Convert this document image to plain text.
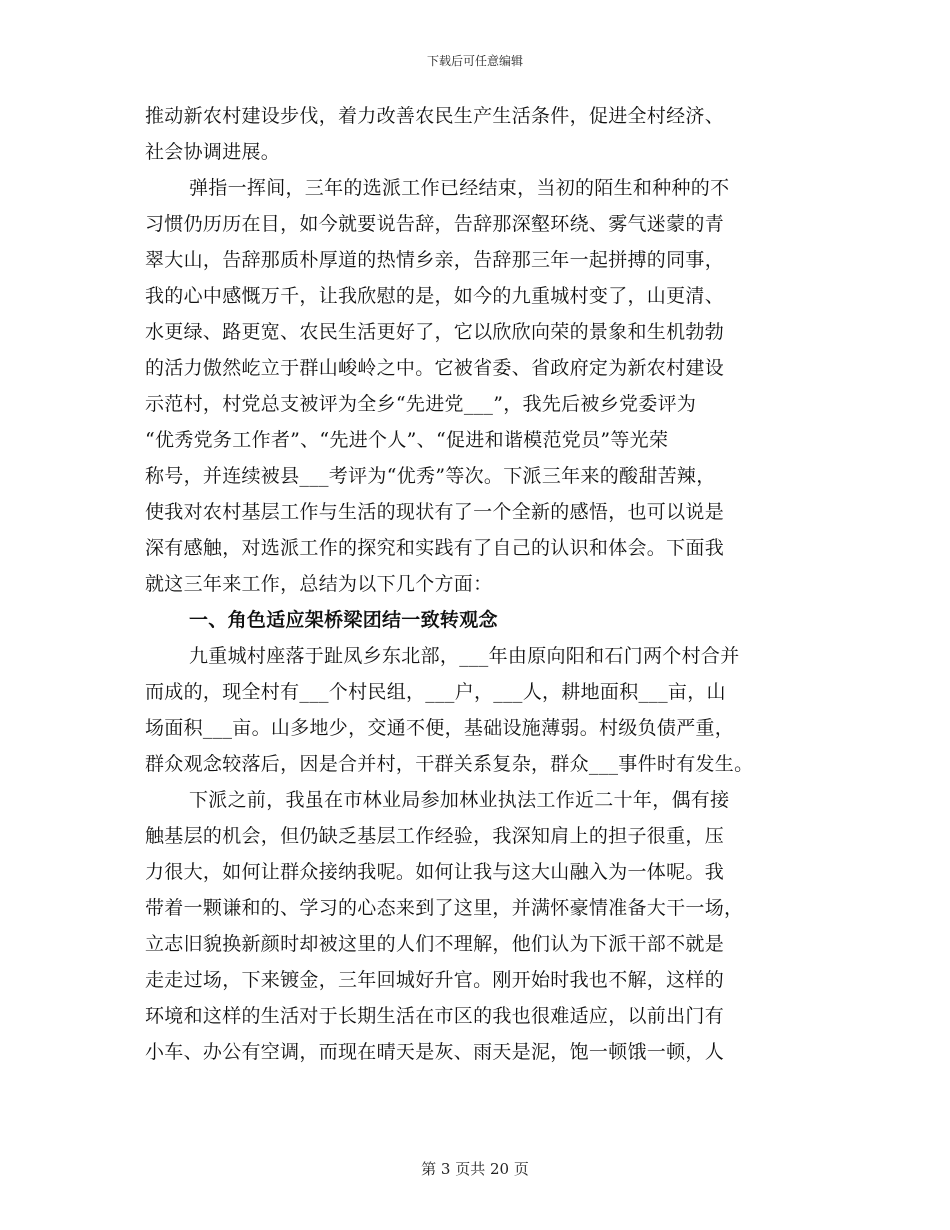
下载后可任意编辑
推动新农村建设步伐，着力改善农民生产生活条件，促进全村经济、
社会协调进展。
弹指一挥间，三年的选派工作已经结束，当初的陌生和种种的不
习惯仍历历在目，如今就要说告辞，告辞那深壑环绕、雾气迷蒙的青
翠大山，告辞那质朴厚道的热情乡亲，告辞那三年一起拼搏的同事，
我的心中感慨万千，让我欣慰的是，如今的九重城村变了，山更清、
水更绿、路更宽、农民生活更好了，它以欣欣向荣的景象和生机勃勃
的活力傲然屹立于群山峻岭之中。它被省委、省政府定为新农村建设
示范村，村党总支被评为全乡“先进党___”，我先后被乡党委评为
“优秀党务工作者”、“先进个人”、“促进和谐模范党员”等光荣
称号，并连续被县___考评为“优秀”等次。下派三年来的酸甜苦辣，
使我对农村基层工作与生活的现状有了一个全新的感悟，也可以说是
深有感触，对选派工作的探究和实践有了自己的认识和体会。下面我
就这三年来工作，总结为以下几个方面：
一、角色适应架桥梁团结一致转观念
九重城村座落于趾凤乡东北部，___年由原向阳和石门两个村合并
而成的，现全村有___个村民组，___户，___人，耕地面积___亩，山
场面积___亩。山多地少，交通不便，基础设施薄弱。村级负债严重，
群众观念较落后，因是合并村，干群关系复杂，群众___事件时有发生。
下派之前，我虽在市林业局参加林业执法工作近二十年，偶有接
触基层的机会，但仍缺乏基层工作经验，我深知肩上的担子很重，压
力很大，如何让群众接纳我呢。如何让我与这大山融入为一体呢。我
带着一颗谦和的、学习的心态来到了这里，并满怀豪情准备大干一场，
立志旧貌换新颜时却被这里的人们不理解，他们认为下派干部不就是
走走过场，下来镀金，三年回城好升官。刚开始时我也不解，这样的
环境和这样的生活对于长期生活在市区的我也很难适应，以前出门有
小车、办公有空调，而现在晴天是灰、雨天是泥，饱一顿饿一顿，人
第 3 页共 20 页
